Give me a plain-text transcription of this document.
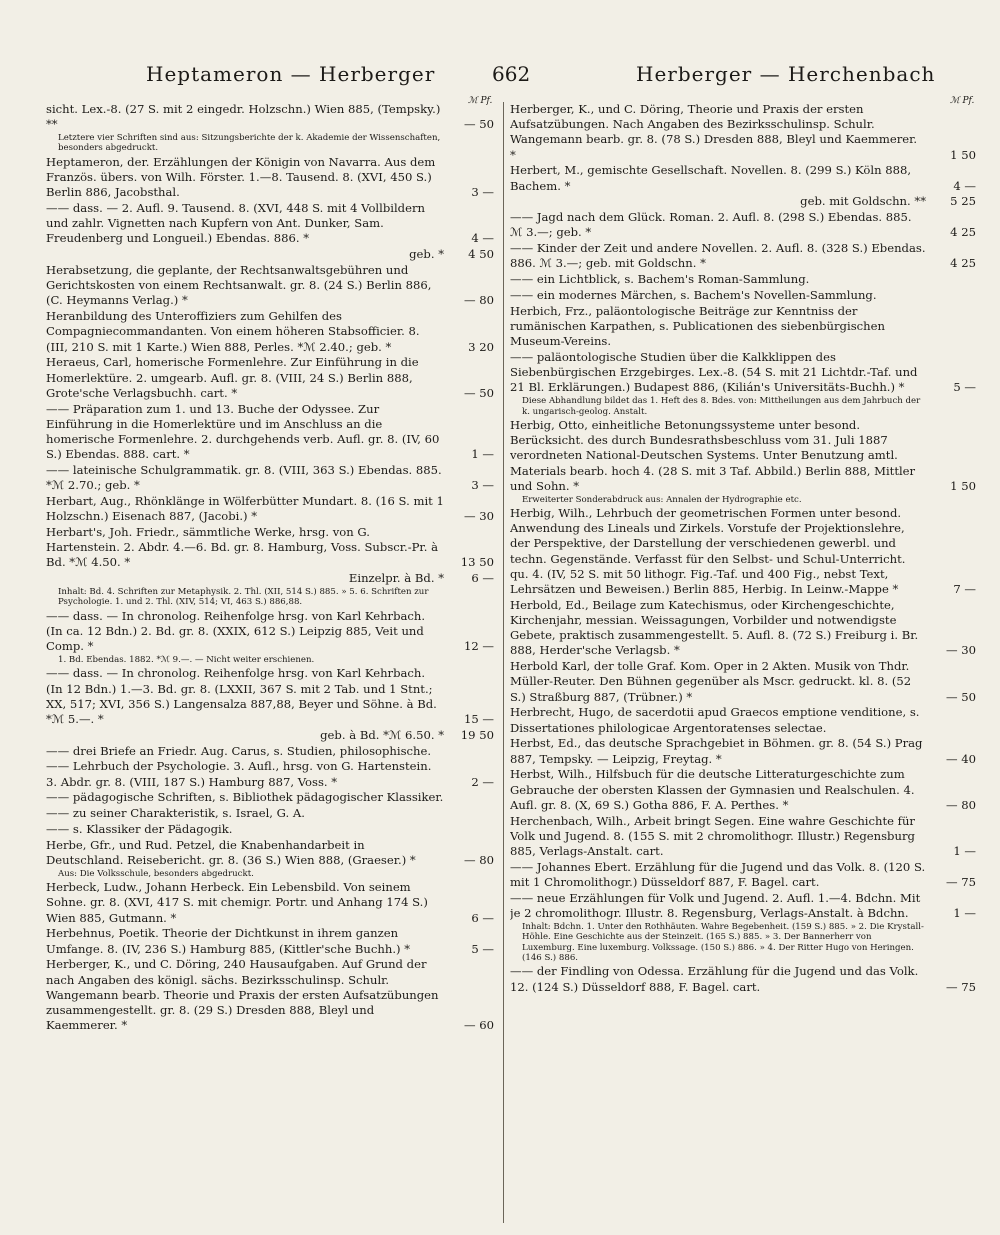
Heptameron — Herberger	662	Herberger — Herchenbach
ℳ Pf.	ℳ Pf.
sicht. Lex.-8. (27 S. mit 2 eingedr. Holzschn.) Wien 885, (Tempsky.) **	— 50
Letztere vier Schriften sind aus: Sitzungsberichte der k. Akademie der Wissenschaften, besonders abgedruckt.
Heptameron, der. Erzählungen der Königin von Navarra. Aus dem Französ. übers. von Wilh. Förster. 1.—8. Tausend. 8. (XVI, 450 S.) Berlin 886, Jacobsthal.	3 —
—— dass. — 2. Aufl. 9. Tausend. 8. (XVI, 448 S. mit 4 Vollbildern und zahlr. Vignetten nach Kupfern von Ant. Dunker, Sam. Freudenberg und Longueil.) Ebendas. 886. *	4 —
geb. * 4 50
Herabsetzung, die geplante, der Rechtsanwaltsgebühren und Gerichtskosten von einem Rechtsanwalt. gr. 8. (24 S.) Berlin 886, (C. Heymanns Verlag.) *	— 80
Heranbildung des Unteroffiziers zum Gehilfen des Compagniecommandanten. Von einem höheren Stabsofficier. 8. (III, 210 S. mit 1 Karte.) Wien 888, Perles. *ℳ 2.40.; geb. *	3 20
Heraeus, Carl, homerische Formenlehre. Zur Einführung in die Homerlektüre. 2. umgearb. Aufl. gr. 8. (VIII, 24 S.) Berlin 888, Grote'sche Verlagsbuchh. cart. *	— 50
—— Präparation zum 1. und 13. Buche der Odyssee. Zur Einführung in die Homerlektüre und im Anschluss an die homerische Formenlehre. 2. durchgehends verb. Aufl. gr. 8. (IV, 60 S.) Ebendas. 888. cart. *	1 —
—— lateinische Schulgrammatik. gr. 8. (VIII, 363 S.) Ebendas. 885. *ℳ 2.70.; geb. *	3 —
Herbart, Aug., Rhönklänge in Wölferbütter Mundart. 8. (16 S. mit 1 Holzschn.) Eisenach 887, (Jacobi.) *	— 30
Herbart's, Joh. Friedr., sämmtliche Werke, hrsg. von G. Hartenstein. 2. Abdr. 4.—6. Bd. gr. 8. Hamburg, Voss. Subscr.-Pr. à Bd. *ℳ 4.50. *	13 50
Einzelpr. à Bd. * 6 —
Inhalt: Bd. 4. Schriften zur Metaphysik. 2. Thl. (XII, 514 S.) 885. » 5. 6. Schriften zur Psychologie. 1. und 2. Thl. (XIV, 514; VI, 463 S.) 886,88.
—— dass. — In chronolog. Reihenfolge hrsg. von Karl Kehrbach. (In ca. 12 Bdn.) 2. Bd. gr. 8. (XXIX, 612 S.) Leipzig 885, Veit und Comp. *	12 —
1. Bd. Ebendas. 1882. *ℳ 9.—. — Nicht weiter erschienen.
—— dass. — In chronolog. Reihenfolge hrsg. von Karl Kehrbach. (In 12 Bdn.) 1.—3. Bd. gr. 8. (LXXII, 367 S. mit 2 Tab. und 1 Stnt.; XX, 517; XVI, 356 S.) Langensalza 887,88, Beyer und Söhne. à Bd. *ℳ 5.—. *	15 —
geb. à Bd. *ℳ 6.50. * 19 50
—— drei Briefe an Friedr. Aug. Carus, s. Studien, philosophische.
—— Lehrbuch der Psychologie. 3. Aufl., hrsg. von G. Hartenstein. 3. Abdr. gr. 8. (VIII, 187 S.) Hamburg 887, Voss. *	2 —
—— pädagogische Schriften, s. Bibliothek pädagogischer Klassiker.
—— zu seiner Charakteristik, s. Israel, G. A.
—— s. Klassiker der Pädagogik.
Herbe, Gfr., und Rud. Petzel, die Knabenhandarbeit in Deutschland. Reisebericht. gr. 8. (36 S.) Wien 888, (Graeser.) *	— 80
Aus: Die Volksschule, besonders abgedruckt.
Herbeck, Ludw., Johann Herbeck. Ein Lebensbild. Von seinem Sohne. gr. 8. (XVI, 417 S. mit chemigr. Portr. und Anhang 174 S.) Wien 885, Gutmann. *	6 —
Herbehnus, Poetik. Theorie der Dichtkunst in ihrem ganzen Umfange. 8. (IV, 236 S.) Hamburg 885, (Kittler'sche Buchh.) *	5 —
Herberger, K., und C. Döring, 240 Hausaufgaben. Auf Grund der nach Angaben des königl. sächs. Bezirksschulinsp. Schulr. Wangemann bearb. Theorie und Praxis der ersten Aufsatzübungen zusammengestellt. gr. 8. (29 S.) Dresden 888, Bleyl und Kaemmerer. *	— 60
Herberger, K., und C. Döring, Theorie und Praxis der ersten Aufsatzübungen. Nach Angaben des Bezirksschulinsp. Schulr. Wangemann bearb. gr. 8. (78 S.) Dresden 888, Bleyl und Kaemmerer. *	1 50
Herbert, M., gemischte Gesellschaft. Novellen. 8. (299 S.) Köln 888, Bachem. *	4 —
geb. mit Goldschn. ** 5 25
—— Jagd nach dem Glück. Roman. 2. Aufl. 8. (298 S.) Ebendas. 885. ℳ 3.—; geb. *	4 25
—— Kinder der Zeit und andere Novellen. 2. Aufl. 8. (328 S.) Ebendas. 886. ℳ 3.—; geb. mit Goldschn. *	4 25
—— ein Lichtblick, s. Bachem's Roman-Sammlung.
—— ein modernes Märchen, s. Bachem's Novellen-Sammlung.
Herbich, Frz., paläontologische Beiträge zur Kenntniss der rumänischen Karpathen, s. Publicationen des siebenbürgischen Museum-Vereins.
—— paläontologische Studien über die Kalkklippen des Siebenbürgischen Erzgebirges. Lex.-8. (54 S. mit 21 Lichtdr.-Taf. und 21 Bl. Erklärungen.) Budapest 886, (Kilián's Universitäts-Buchh.) *	5 —
Diese Abhandlung bildet das 1. Heft des 8. Bdes. von: Mittheilungen aus dem Jahrbuch der k. ungarisch-geolog. Anstalt.
Herbig, Otto, einheitliche Betonungssysteme unter besond. Berücksicht. des durch Bundesrathsbeschluss vom 31. Juli 1887 verordneten National-Deutschen Systems. Unter Benutzung amtl. Materials bearb. hoch 4. (28 S. mit 3 Taf. Abbild.) Berlin 888, Mittler und Sohn. *	1 50
Erweiterter Sonderabdruck aus: Annalen der Hydrographie etc.
Herbig, Wilh., Lehrbuch der geometrischen Formen unter besond. Anwendung des Lineals und Zirkels. Vorstufe der Projektionslehre, der Perspektive, der Darstellung der verschiedenen gewerbl. und techn. Gegenstände. Verfasst für den Selbst- und Schul-Unterricht. qu. 4. (IV, 52 S. mit 50 lithogr. Fig.-Taf. und 400 Fig., nebst Text, Lehrsätzen und Beweisen.) Berlin 885, Herbig. In Leinw.-Mappe *	7 —
Herbold, Ed., Beilage zum Katechismus, oder Kirchengeschichte, Kirchenjahr, messian. Weissagungen, Vorbilder und notwendigste Gebete, praktisch zusammengestellt. 5. Aufl. 8. (72 S.) Freiburg i. Br. 888, Herder'sche Verlagsb. *	— 30
Herbold Karl, der tolle Graf. Kom. Oper in 2 Akten. Musik von Thdr. Müller-Reuter. Den Bühnen gegenüber als Mscr. gedruckt. kl. 8. (52 S.) Straßburg 887, (Trübner.) *	— 50
Herbrecht, Hugo, de sacerdotii apud Graecos emptione venditione, s. Dissertationes philologicae Argentoratenses selectae.
Herbst, Ed., das deutsche Sprachgebiet in Böhmen. gr. 8. (54 S.) Prag 887, Tempsky. — Leipzig, Freytag. *	— 40
Herbst, Wilh., Hilfsbuch für die deutsche Litteraturgeschichte zum Gebrauche der obersten Klassen der Gymnasien und Realschulen. 4. Aufl. gr. 8. (X, 69 S.) Gotha 886, F. A. Perthes. *	— 80
Herchenbach, Wilh., Arbeit bringt Segen. Eine wahre Geschichte für Volk und Jugend. 8. (155 S. mit 2 chromolithogr. Illustr.) Regensburg 885, Verlags-Anstalt. cart.	1 —
—— Johannes Ebert. Erzählung für die Jugend und das Volk. 8. (120 S. mit 1 Chromolithogr.) Düsseldorf 887, F. Bagel. cart.	— 75
—— neue Erzählungen für Volk und Jugend. 2. Aufl. 1.—4. Bdchn. Mit je 2 chromolithogr. Illustr. 8. Regensburg, Verlags-Anstalt. à Bdchn.	1 —
Inhalt: Bdchn. 1. Unter den Rothhäuten. Wahre Begebenheit. (159 S.) 885. » 2. Die Krystall-Höhle. Eine Geschichte aus der Steinzeit. (165 S.) 885. » 3. Der Bannerherr von Luxemburg. Eine luxemburg. Volkssage. (150 S.) 886. » 4. Der Ritter Hugo von Heringen. (146 S.) 886.
—— der Findling von Odessa. Erzählung für die Jugend und das Volk. 12. (124 S.) Düsseldorf 888, F. Bagel. cart.	— 75
